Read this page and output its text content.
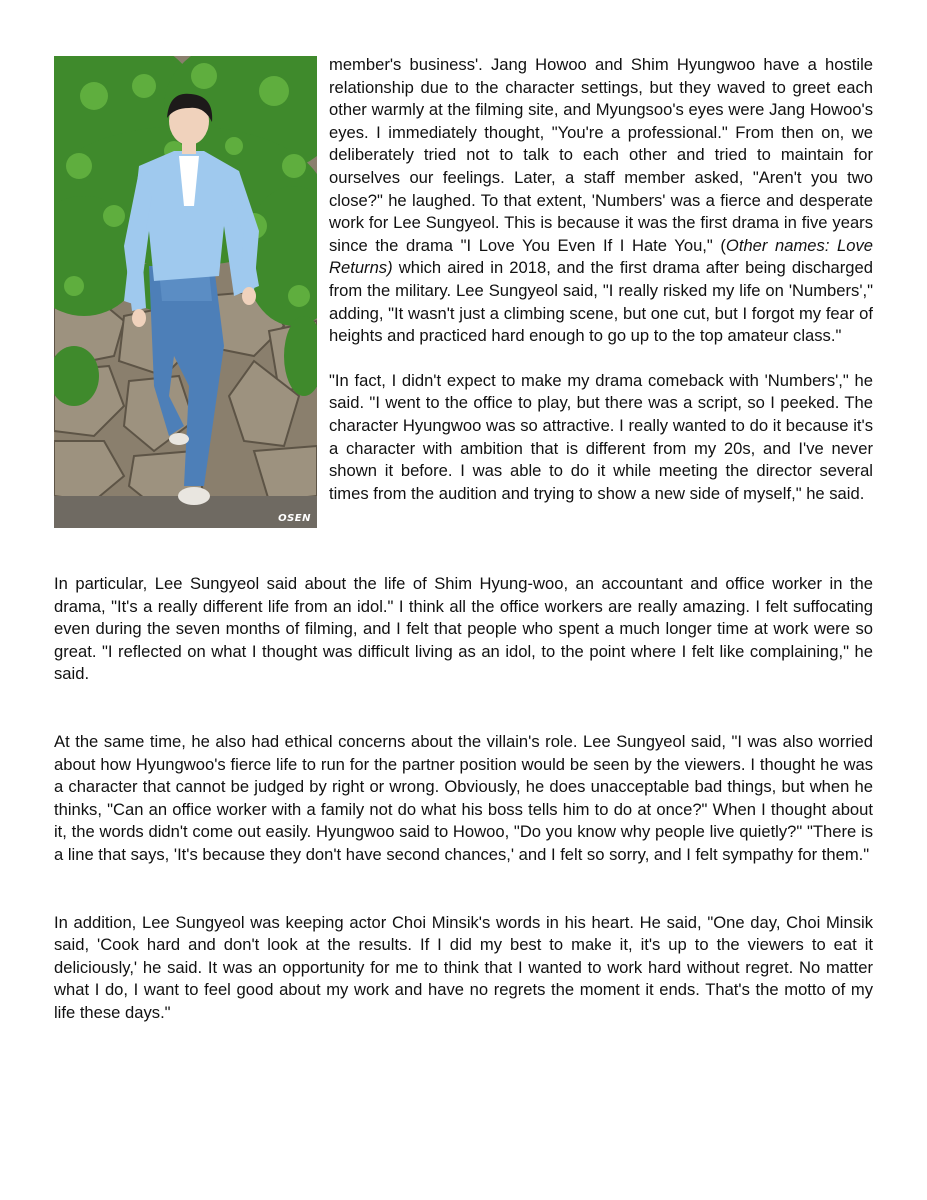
OSEN

member's business'. Jang Howoo and Shim Hyungwoo have a hostile relationship due to the character settings, but they waved to greet each other warmly at the filming site, and Myungsoo's eyes were Jang Howoo's eyes. I immediately thought, "You're a professional." From then on, we deliberately tried not to talk to each other and tried to maintain for ourselves our feelings. Later, a staff member asked, "Aren't you two close?" he laughed. To that extent, 'Numbers' was a fierce and desperate work for Lee Sungyeol. This is because it was the first drama in five years since the drama "I Love You Even If I Hate You," (Other names: Love Returns) which aired in 2018, and the first drama after being discharged from the military. Lee Sungyeol said, "I really risked my life on 'Numbers'," adding, "It wasn't just a climbing scene, but one cut, but I forgot my fear of heights and practiced hard enough to go up to the top amateur class."

"In fact, I didn't expect to make my drama comeback with 'Numbers'," he said. "I went to the office to play, but there was a script, so I peeked. The character Hyungwoo was so attractive. I really wanted to do it because it's a character with ambition that is different from my 20s, and I've never shown it before. I was able to do it while meeting the director several times from the audition and trying to show a new side of myself," he said.

In particular, Lee Sungyeol said about the life of Shim Hyung-woo, an accountant and office worker in the drama, "It's a really different life from an idol." I think all the office workers are really amazing. I felt suffocating even during the seven months of filming, and I felt that people who spent a much longer time at work were so great. "I reflected on what I thought was difficult living as an idol, to the point where I felt like complaining," he said.

At the same time, he also had ethical concerns about the villain's role. Lee Sungyeol said, "I was also worried about how Hyungwoo's fierce life to run for the partner position would be seen by the viewers. I thought he was a character that cannot be judged by right or wrong. Obviously, he does unacceptable bad things, but when he thinks, "Can an office worker with a family not do what his boss tells him to do at once?" When I thought about it, the words didn't come out easily. Hyungwoo said to Howoo, "Do you know why people live quietly?" "There is a line that says, 'It's because they don't have second chances,' and I felt so sorry, and I felt sympathy for them."

In addition, Lee Sungyeol was keeping actor Choi Minsik's words in his heart. He said, "One day, Choi Minsik said, 'Cook hard and don't look at the results. If I did my best to make it, it's up to the viewers to eat it deliciously,' he said. It was an opportunity for me to think that I wanted to work hard without regret. No matter what I do, I want to feel good about my work and have no regrets the moment it ends. That's the motto of my life these days."
